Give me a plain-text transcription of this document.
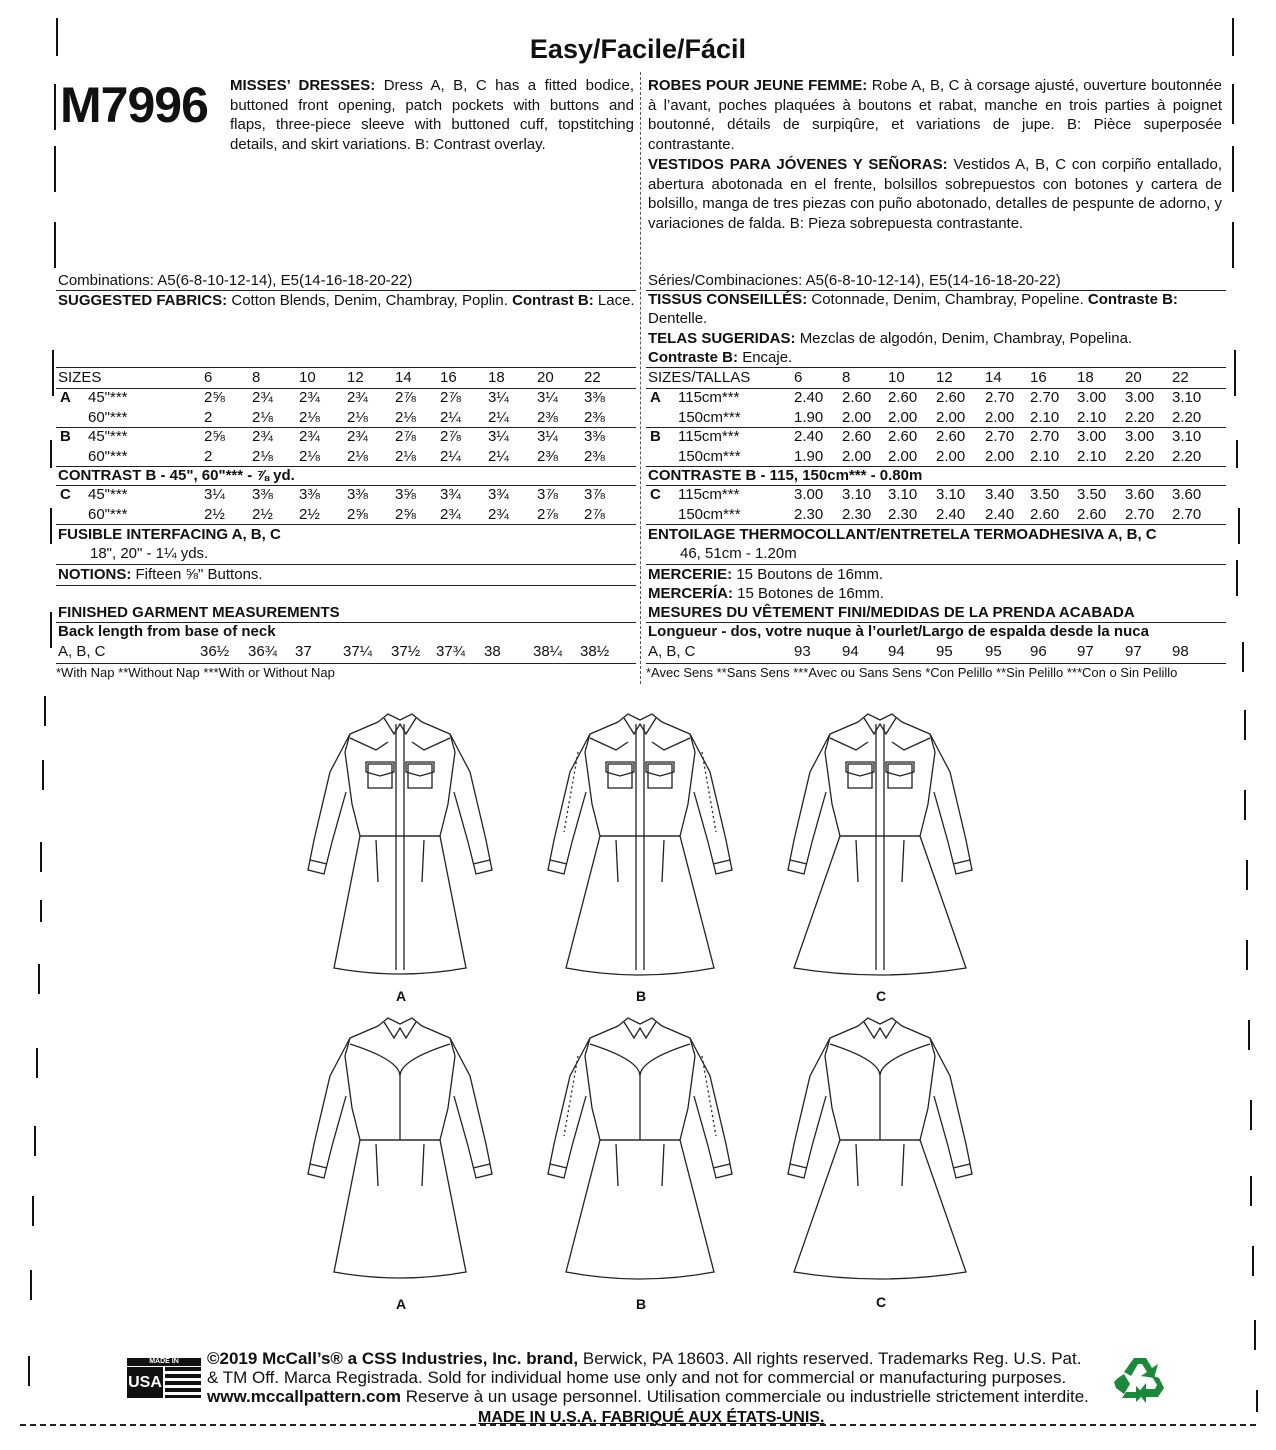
Easy/Facile/Fácil
M7996 MISSES’ DRESSES: Dress A, B, C has a fitted bodice, buttoned front opening, patch pockets with buttons and flaps, three-piece sleeve with buttoned cuff, topstitching details, and skirt variations. B: Contrast overlay.
ROBES POUR JEUNE FEMME: Robe A, B, C à corsage ajusté, ouverture boutonnée à l’avant, poches plaquées à boutons et rabat, manche en trois parties à poignet boutonné, détails de surpiqûre, et variations de jupe. B: Pièce superposée contrastante.
VESTIDOS PARA JÓVENES Y SEÑORAS: Vestidos A, B, C con corpiño entallado, abertura abotonada en el frente, bolsillos sobrepuestos con botones y cartera de bolsillo, manga de tres piezas con puño abotonado, detalles de pespunte de adorno, y variaciones de falda. B: Pieza sobrepuesta contrastante.
Combinations: A5(6-8-10-12-14), E5(14-16-18-20-22)
SUGGESTED FABRICS: Cotton Blends, Denim, Chambray, Poplin. Contrast B: Lace.
SIZES	6	8	10 12 14 16 18 20 22
A 45"***	2⅝ 2¾ 2¾ 2¾ 2⅞ 2⅞ 3¼ 3¼ 3⅜
60"***	2	2⅛ 2⅛ 2⅛ 2⅛ 2¼ 2¼ 2⅜ 2⅜
B 45"***	2⅝ 2¾ 2¾ 2¾ 2⅞ 2⅞ 3¼ 3¼ 3⅜
60"***	2	2⅛ 2⅛ 2⅛ 2⅛ 2¼ 2¼ 2⅜ 2⅜
CONTRAST B - 45", 60"*** - ⅞ yd.
C 45"***	3¼ 3⅜ 3⅜ 3⅜ 3⅝ 3¾ 3¾ 3⅞ 3⅞
60"***	2½ 2½ 2½ 2⅝ 2⅝ 2¾ 2¾ 2⅞ 2⅞
FUSIBLE INTERFACING A, B, C
18", 20" - 1¼ yds.
NOTIONS: Fifteen ⅝" Buttons.
FINISHED GARMENT MEASUREMENTS
Back length from base of neck
A, B, C	36½ 36¾ 37 37¼ 37½ 37¾ 38 38¼ 38½
*With Nap **Without Nap ***With or Without Nap
Séries/Combinaciones: A5(6-8-10-12-14), E5(14-16-18-20-22)
TISSUS CONSEILLÉS: Cotonnade, Denim, Chambray, Popeline. Contraste B:
Dentelle.
TELAS SUGERIDAS: Mezclas de algodón, Denim, Chambray, Popelina.
Contraste B: Encaje.
SIZES/TALLAS	6	8	10 12 14 16 18 20 22
A 115cm***	2.40 2.60 2.60 2.60 2.70 2.70 3.00 3.00 3.10
150cm***	1.90 2.00 2.00 2.00 2.00 2.10 2.10 2.20 2.20
B 115cm***	2.40 2.60 2.60 2.60 2.70 2.70 3.00 3.00 3.10
150cm***	1.90 2.00 2.00 2.00 2.00 2.10 2.10 2.20 2.20
CONTRASTE B - 115, 150cm*** - 0.80m
C 115cm***	3.00 3.10 3.10 3.10 3.40 3.50 3.50 3.60 3.60
150cm***	2.30 2.30 2.30 2.40 2.40 2.60 2.60 2.70 2.70
ENTOILAGE THERMOCOLLANT/ENTRETELA TERMOADHESIVA A, B, C
46, 51cm - 1.20m
MERCERIE: 15 Boutons de 16mm.
MERCERÍA: 15 Botones de 16mm.
MESURES DU VÊTEMENT FINI/MEDIDAS DE LA PRENDA ACABADA
Longueur - dos, votre nuque à l’ourlet/Largo de espalda desde la nuca
A, B, C	93 94 94 95 95 96 97 97 98
*Avec Sens **Sans Sens ***Avec ou Sans Sens *Con Pelillo **Sin Pelillo ***Con o Sin Pelillo
A	B	C
A	B	C
MADE IN
USA
©2019 McCall’s® a CSS Industries, Inc. brand, Berwick, PA 18603. All rights reserved. Trademarks Reg. U.S. Pat.
& TM Off. Marca Registrada. Sold for individual home use only and not for commercial or manufacturing purposes.
www.mccallpattern.com Reserve à un usage personnel. Utilisation commerciale ou industrielle strictement interdite.
MADE IN U.S.A. FABRIQUÉ AUX ÉTATS-UNIS.
